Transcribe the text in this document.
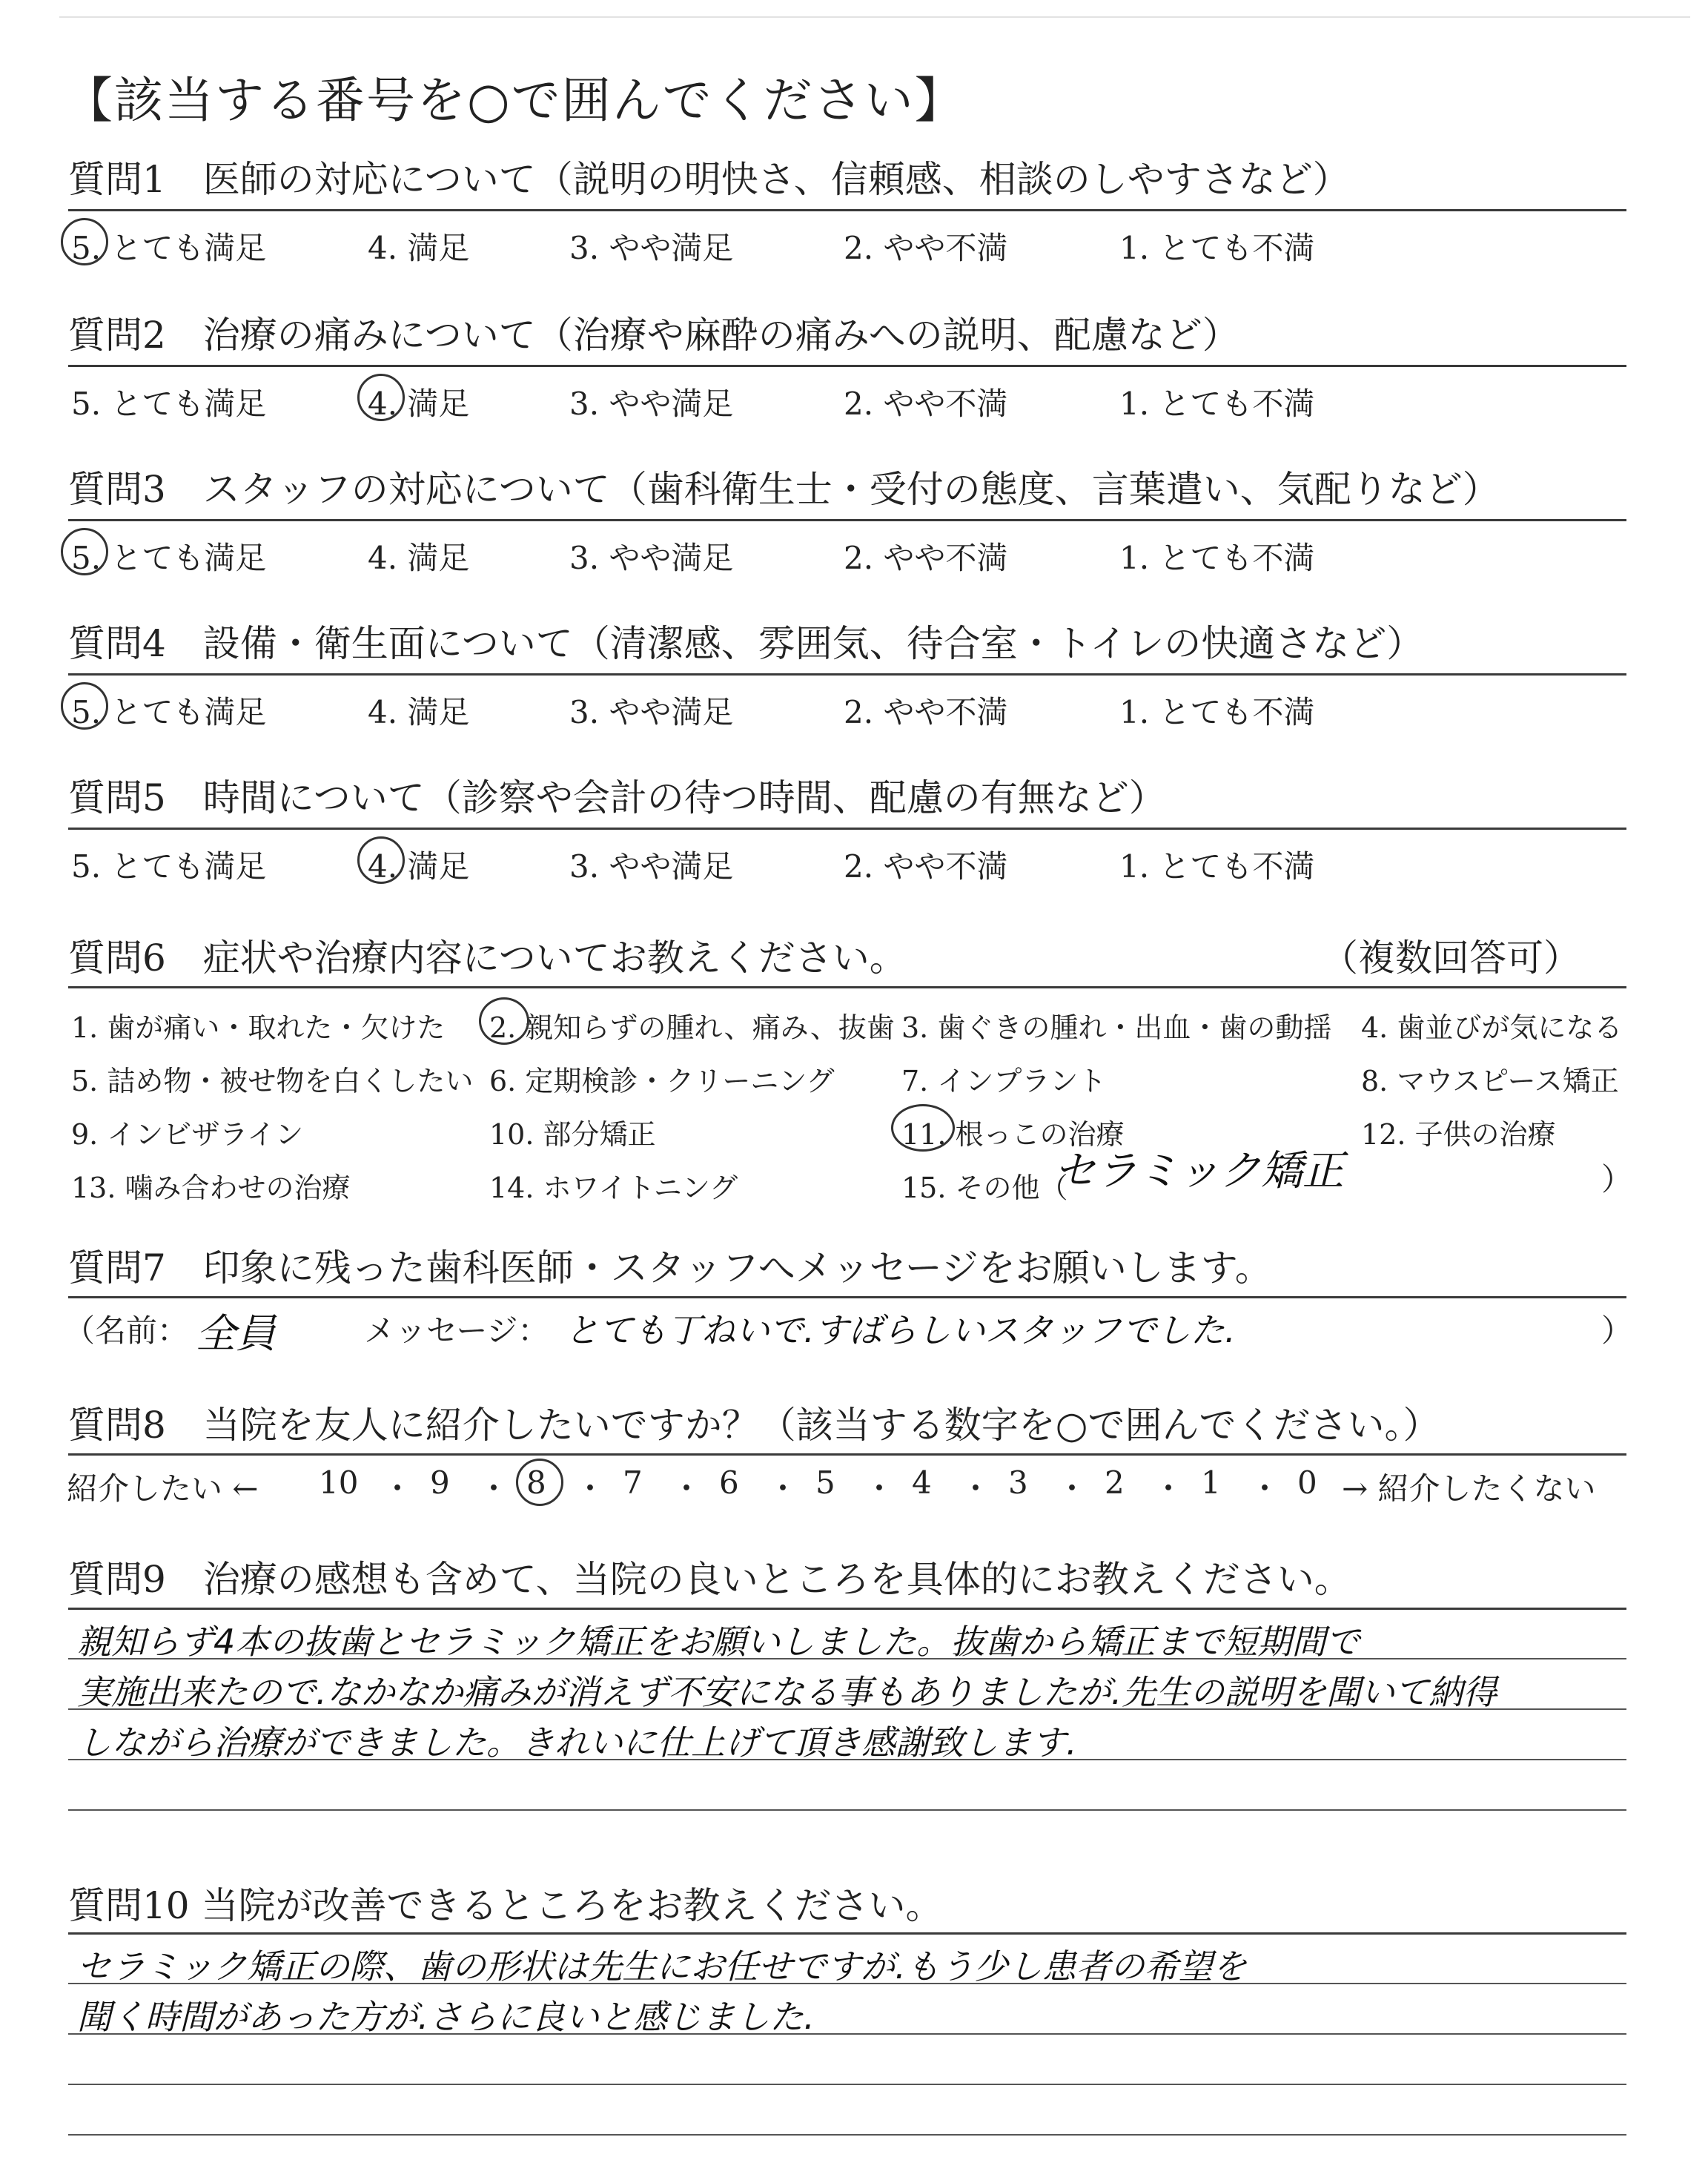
【該当する番号を○で囲んでください】
質問1　医師の対応について（説明の明快さ、信頼感、相談のしやすさなど）
5. とても満足	4. 満足	3. やや満足	2. やや不満	1. とても不満
質問2　治療の痛みについて（治療や麻酔の痛みへの説明、配慮など）
5. とても満足	4. 満足	3. やや満足	2. やや不満	1. とても不満
質問3　スタッフの対応について（歯科衛生士・受付の態度、言葉遣い、気配りなど）
5. とても満足	4. 満足	3. やや満足	2. やや不満	1. とても不満
質問4　設備・衛生面について（清潔感、雰囲気、待合室・トイレの快適さなど）
5. とても満足	4. 満足	3. やや満足	2. やや不満	1. とても不満
質問5　時間について（診察や会計の待つ時間、配慮の有無など）
5. とても満足	4. 満足	3. やや満足	2. やや不満	1. とても不満
質問6　症状や治療内容についてお教えください。	（複数回答可）
1. 歯が痛い・取れた・欠けた 2. 親知らずの腫れ、痛み、抜歯 3. 歯ぐきの腫れ・出血・歯の動揺 4. 歯並びが気になる
5. 詰め物・被せ物を白くしたい 6. 定期検診・クリーニング 7. インプラント	8. マウスピース矯正
9. インビザライン	10. 部分矯正	11. 根っこの治療	12. 子供の治療
13. 噛み合わせの治療	14. ホワイトニング	15. その他（
セラミック矯正	）
質問7　印象に残った歯科医師・スタッフへメッセージをお願いします。
（名前： 全員	メッセージ： とても丁ねいで.すばらしいスタッフでした.	）
質問8　当院を友人に紹介したいですか？（該当する数字を○で囲んでください。）
紹介したい ←	→ 紹介したくない
10 ・ 9 ・ 8 ・ 7 ・ 6 ・ 5 ・ 4 ・ 3 ・ 2 ・ 1 ・ 0
質問9　治療の感想も含めて、当院の良いところを具体的にお教えください。
親知らず4本の抜歯とセラミック矯正をお願いしました。抜歯から矯正まで短期間で
実施出来たので.なかなか痛みが消えず不安になる事もありましたが.先生の説明を聞いて納得
しながら治療ができました。きれいに仕上げて頂き感謝致します.
質問10 当院が改善できるところをお教えください。
セラミック矯正の際、歯の形状は先生にお任せですが.もう少し患者の希望を
聞く時間があった方が.さらに良いと感じました.
